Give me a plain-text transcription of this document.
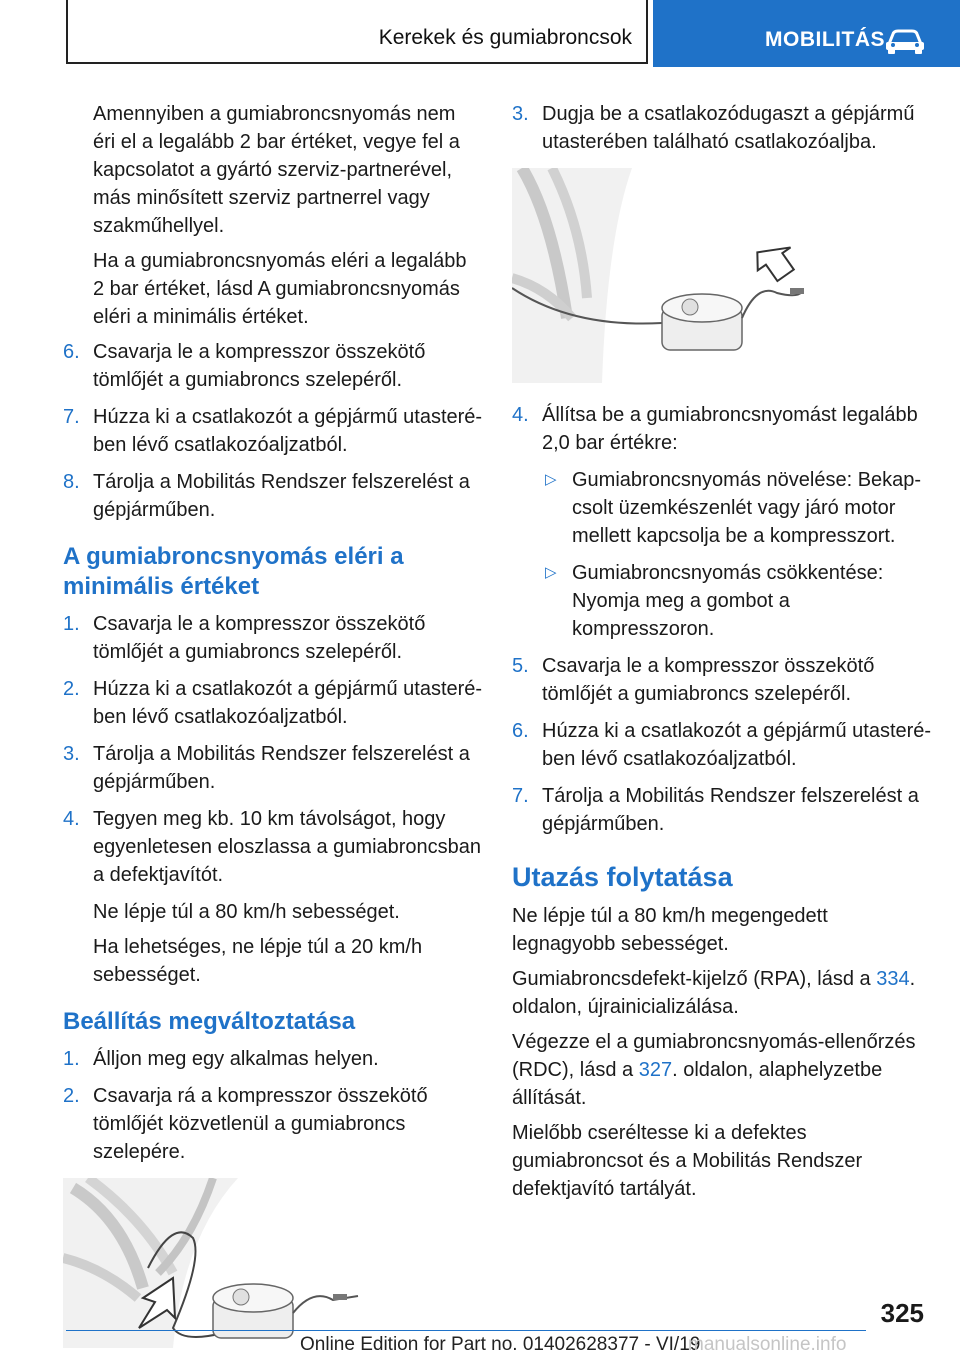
Kerekek és gumiabroncsok	MOBILITÁS

Amennyiben a gumiabroncsnyomás nem éri el a legalább 2 bar értéket, vegye fel a kapcsolatot a gyártó szerviz-partnerével, más minősített szerviz partnerrel vagy szakműhellyel.

Ha a gumiabroncsnyomás eléri a legalább 2 bar értéket, lásd A gumiabroncsnyomás eléri a minimális értéket.

6. Csavarja le a kompresszor összekötő tömlőjét a gumiabroncs szelepéről.
7. Húzza ki a csatlakozót a gépjármű utasterében lévő csatlakozóaljzatból.
8. Tárolja a Mobilitás Rendszer felszerelést a gépjárműben.
A gumiabroncsnyomás eléri a minimális értéket
1. Csavarja le a kompresszor összekötő tömlőjét a gumiabroncs szelepéről.
2. Húzza ki a csatlakozót a gépjármű utasterében lévő csatlakozóaljzatból.
3. Tárolja a Mobilitás Rendszer felszerelést a gépjárműben.
4. Tegyen meg kb. 10 km távolságot, hogy egyenletesen eloszlassa a gumiabroncsban a defektjavítót.

Ne lépje túl a 80 km/h sebességet.

Ha lehetséges, ne lépje túl a 20 km/h sebességet.

Beállítás megváltoztatása
1. Álljon meg egy alkalmas helyen.
2. Csavarja rá a kompresszor összekötő tömlőjét közvetlenül a gumiabroncs szelepére.
3. Dugja be a csatlakozódugaszt a gépjármű utasterében található csatlakozóaljba.
4. Állítsa be a gumiabroncsnyomást legalább 2,0 bar értékre:
▷ Gumiabroncsnyomás növelése: Bekapcsolt üzemkészenlét vagy járó motor mellett kapcsolja be a kompresszort.
▷ Gumiabroncsnyomás csökkentése: Nyomja meg a gombot a kompresszoron.
5. Csavarja le a kompresszor összekötő tömlőjét a gumiabroncs szelepéről.
6. Húzza ki a csatlakozót a gépjármű utasterében lévő csatlakozóaljzatból.
7. Tárolja a Mobilitás Rendszer felszerelést a gépjárműben.
Utazás folytatása

Ne lépje túl a 80 km/h megengedett legnagyobb sebességet.

Gumiabroncsdefekt-kijelző (RPA), lásd a 334. oldalon, újrainicializálása.

Végezze el a gumiabroncsnyomás-ellenőrzés (RDC), lásd a 327. oldalon, alaphelyzetbe állítását.

Mielőbb cseréltesse ki a defektes gumiabroncsot és a Mobilitás Rendszer defektjavító tartályát.

325
Online Edition for Part no. 01402628377 - VI/19
manualsonline.info
